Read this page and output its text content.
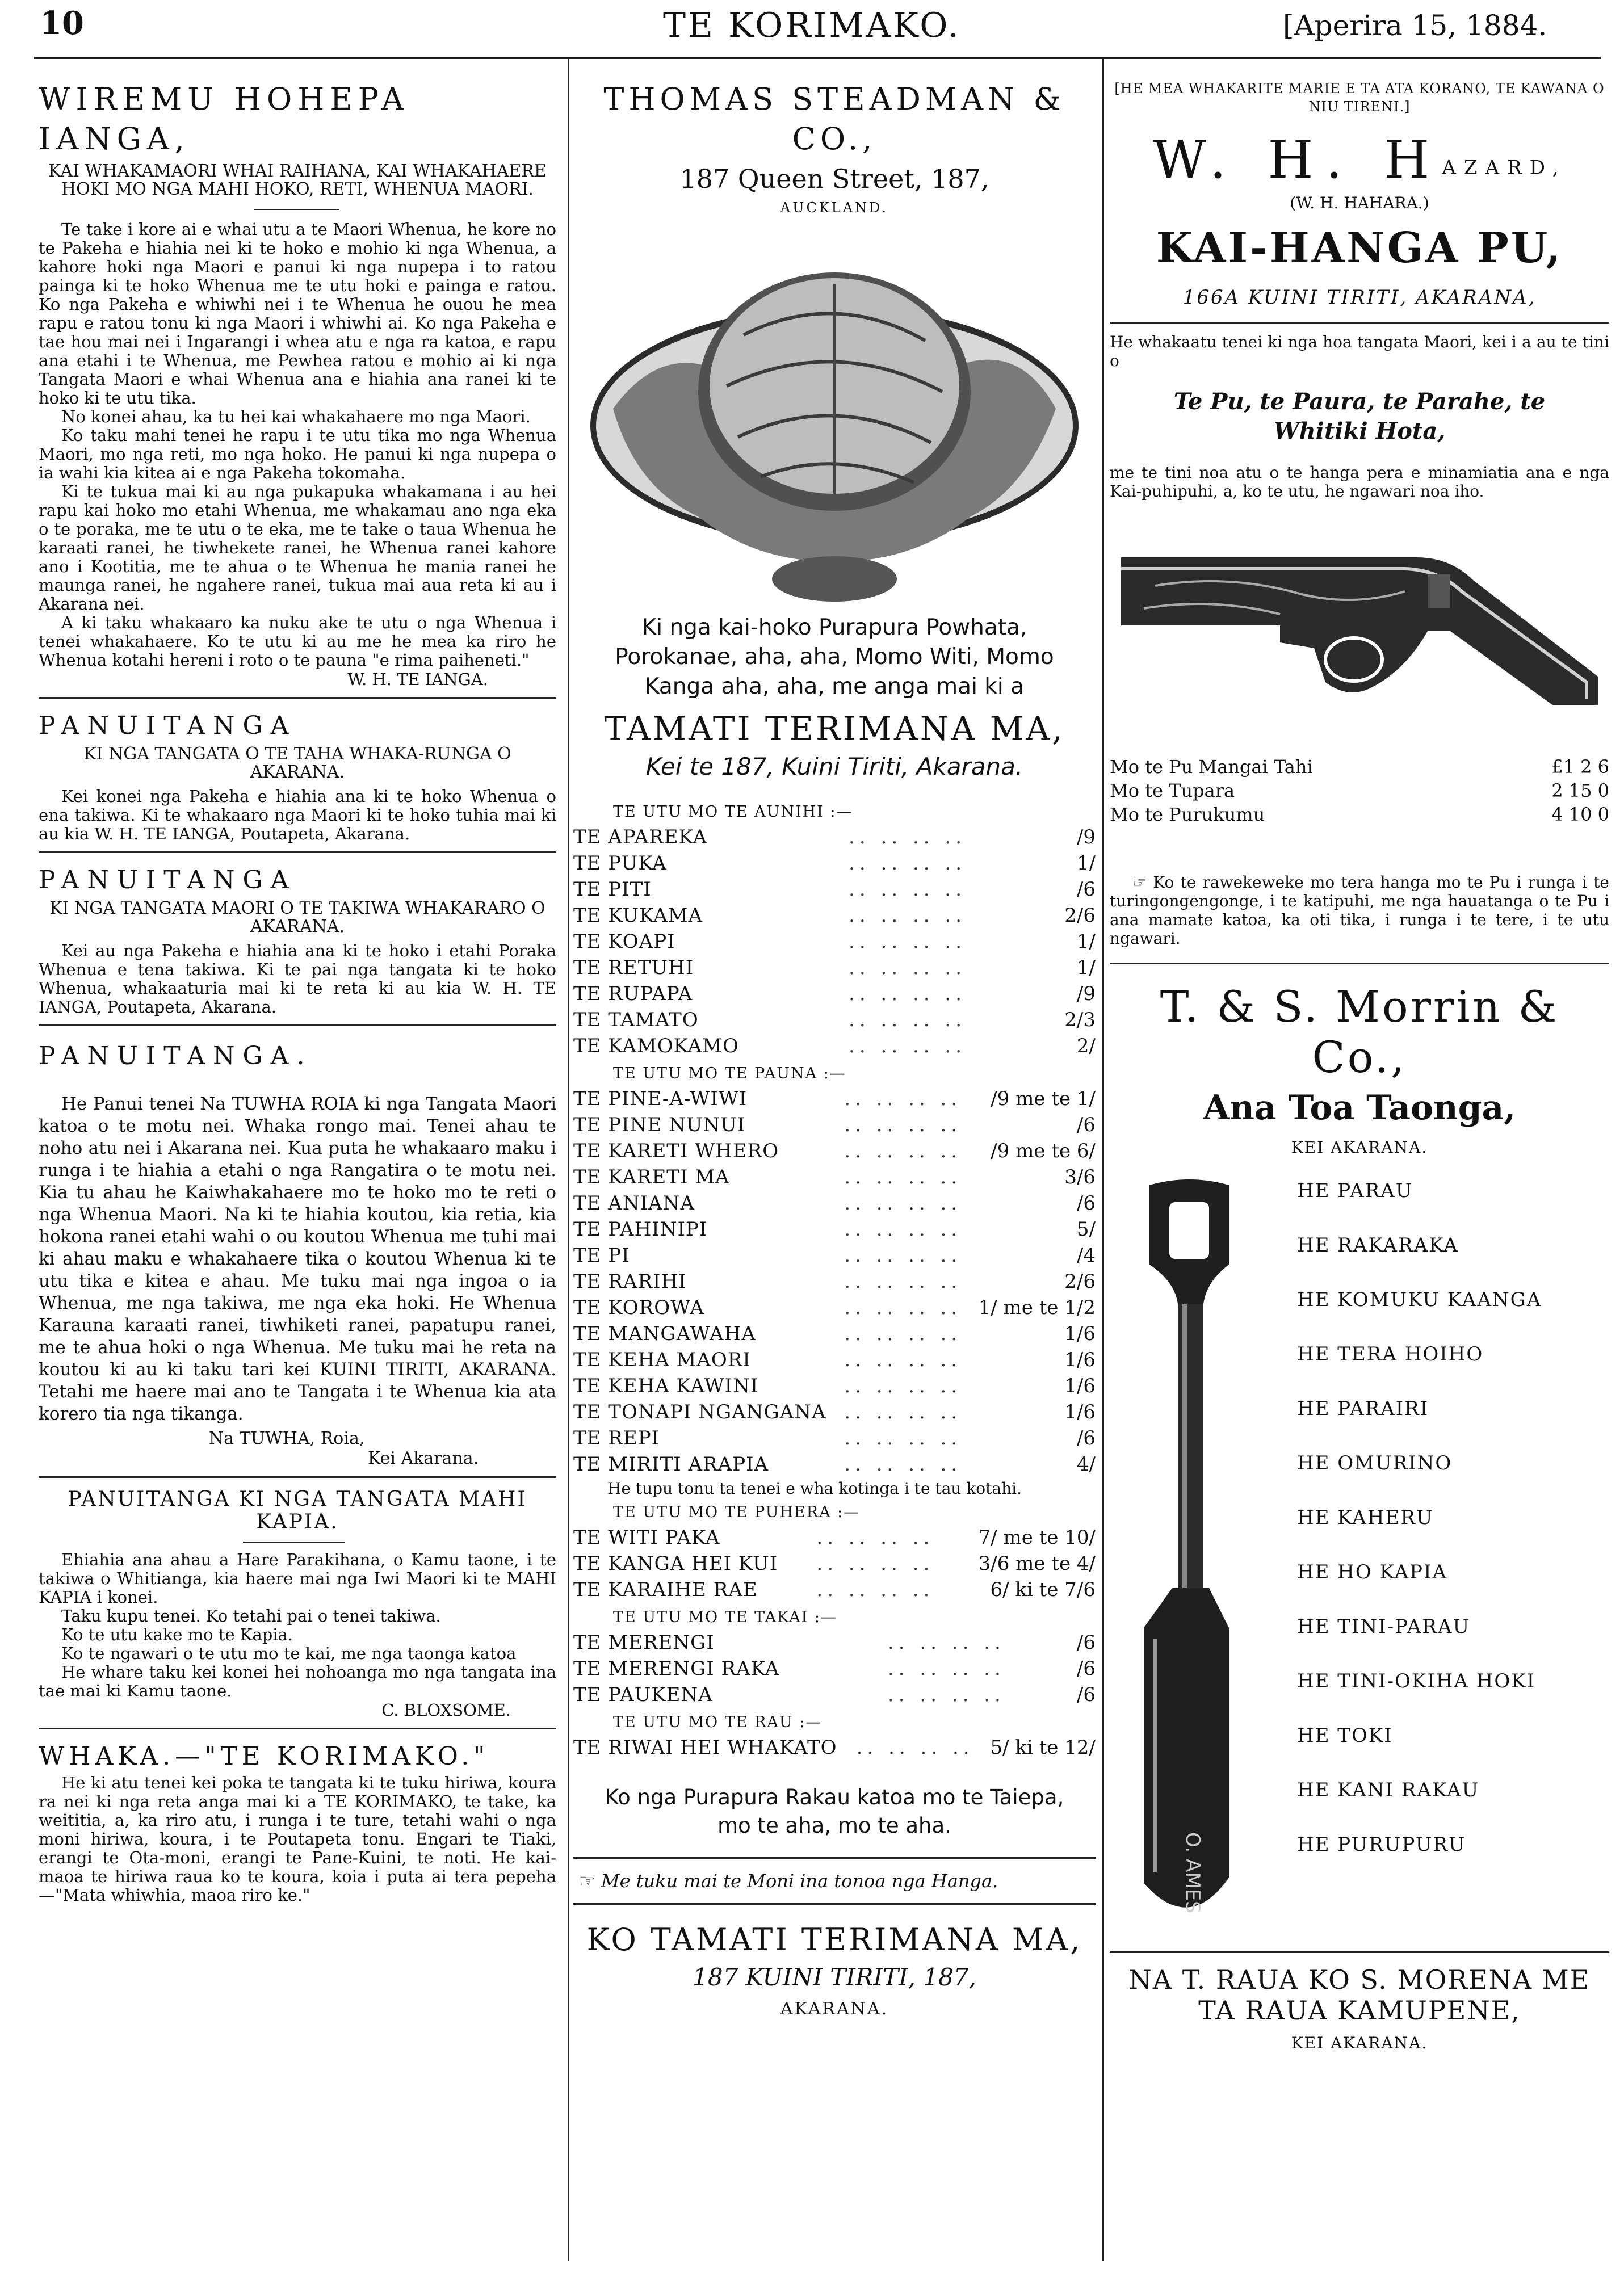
10	TE KORIMAKO.	[Aperira 15, 1884.
WIREMU HOHEPA IANGA,
KAI WHAKAMAORI WHAI RAIHANA, KAI WHAKAHAERE HOKI MO NGA MAHI HOKO, RETI, WHENUA MAORI.

Te take i kore ai e whai utu a te Maori Whenua, he kore no te Pakeha e hiahia nei ki te hoko e mohio ki nga Whenua, a kahore hoki nga Maori e panui ki nga nupepa i to ratou painga ki te hoko Whenua me te utu hoki e painga e ratou. Ko nga Pakeha e whiwhi nei i te Whenua he ouou he mea rapu e ratou tonu ki nga Maori i whiwhi ai. Ko nga Pakeha e tae hou mai nei i Ingarangi i whea atu e nga ra katoa, e rapu ana etahi i te Whenua, me Pewhea ratou e mohio ai ki nga Tangata Maori e whai Whenua ana e hiahia ana ranei ki te hoko ki te utu tika.

No konei ahau, ka tu hei kai whakahaere mo nga Maori.

Ko taku mahi tenei he rapu i te utu tika mo nga Whenua Maori, mo nga reti, mo nga hoko. He panui ki nga nupepa o ia wahi kia kitea ai e nga Pakeha tokomaha.

Ki te tukua mai ki au nga pukapuka whakamana i au hei rapu kai hoko mo etahi Whenua, me whakamau ano nga eka o te poraka, me te utu o te eka, me te take o taua Whenua he karaati ranei, he tiwhekete ranei, he Whenua ranei kahore ano i Kootitia, me te ahua o te Whenua he mania ranei he maunga ranei, he ngahere ranei, tukua mai aua reta ki au i Akarana nei.

A ki taku whakaaro ka nuku ake te utu o nga Whenua i tenei whakahaere. Ko te utu ki au me he mea ka riro he Whenua kotahi hereni i roto o te pauna "e rima paiheneti."

W. H. TE IANGA.
PANUITANGA
KI NGA TANGATA O TE TAHA WHAKA-RUNGA O AKARANA.

Kei konei nga Pakeha e hiahia ana ki te hoko Whenua o ena takiwa. Ki te whakaaro nga Maori ki te hoko tuhia mai ki au kia W. H. TE IANGA, Poutapeta, Akarana.

PANUITANGA
KI NGA TANGATA MAORI O TE TAKIWA WHAKARARO O AKARANA.

Kei au nga Pakeha e hiahia ana ki te hoko i etahi Poraka Whenua e tena takiwa. Ki te pai nga tangata ki te hoko Whenua, whakaaturia mai ki te reta ki au kia W. H. TE IANGA, Poutapeta, Akarana.

PANUITANGA.

He Panui tenei Na TUWHA ROIA ki nga Tangata Maori katoa o te motu nei. Whaka rongo mai. Tenei ahau te noho atu nei i Akarana nei. Kua puta he whakaaro maku i runga i te hiahia a etahi o nga Rangatira o te motu nei. Kia tu ahau he Kaiwhakahaere mo te hoko mo te reti o nga Whenua Maori. Na ki te hiahia koutou, kia retia, kia hokona ranei etahi wahi o ou koutou Whenua me tuhi mai ki ahau maku e whakahaere tika o koutou Whenua ki te utu tika e kitea e ahau. Me tuku mai nga ingoa o ia Whenua, me nga takiwa, me nga eka hoki. He Whenua Karauna karaati ranei, tiwhiketi ranei, papatupu ranei, me te ahua hoki o nga Whenua. Me tuku mai he reta na koutou ki au ki taku tari kei KUINI TIRITI, AKARANA. Tetahi me haere mai ano te Tangata i te Whenua kia ata korero tia nga tikanga.

Na TUWHA, Roia,
Kei Akarana.
PANUITANGA KI NGA TANGATA MAHI KAPIA.

Ehiahia ana ahau a Hare Parakihana, o Kamu taone, i te takiwa o Whitianga, kia haere mai nga Iwi Maori ki te MAHI KAPIA i konei.

Taku kupu tenei. Ko tetahi pai o tenei takiwa.

Ko te utu kake mo te Kapia.

Ko te ngawari o te utu mo te kai, me nga taonga katoa

He whare taku kei konei hei nohoanga mo nga tangata ina tae mai ki Kamu taone.

C. BLOXSOME.
WHAKA.—"TE KORIMAKO."

He ki atu tenei kei poka te tangata ki te tuku hiriwa, koura ra nei ki nga reta anga mai ki a TE KORIMAKO, te take, ka weititia, a, ka riro atu, i runga i te ture, tetahi wahi o nga moni hiriwa, koura, i te Poutapeta tonu. Engari te Tiaki, erangi te Ota-moni, erangi te Pane-Kuini, te noti. He kai-maoa te hiriwa raua ko te koura, koia i puta ai tera pepeha—"Mata whiwhia, maoa riro ke."

THOMAS STEADMAN & CO.,
187 Queen Street, 187,
AUCKLAND.
Ki nga kai-hoko Purapura Powhata, Porokanae, aha, aha, Momo Witi, Momo Kanga aha, aha, me anga mai ki a
TAMATI TERIMANA MA,
Kei te 187, Kuini Tiriti, Akarana.
TE UTU MO TE AUNIHI :—
TE APAREKA	.. .. .. ..	/9
TE PUKA	.. .. .. ..	1/
TE PITI	.. .. .. ..	/6
TE KUKAMA	.. .. .. ..	2/6
TE KOAPI	.. .. .. ..	1/
TE RETUHI	.. .. .. ..	1/
TE RUPAPA	.. .. .. ..	/9
TE TAMATO	.. .. .. ..	2/3
TE KAMOKAMO	.. .. .. ..	2/
TE UTU MO TE PAUNA :—
TE PINE-A-WIWI	.. .. .. ..	/9 me te 1/
TE PINE NUNUI	.. .. .. ..	/6
TE KARETI WHERO	.. .. .. ..	/9 me te 6/
TE KARETI MA	.. .. .. ..	3/6
TE ANIANA	.. .. .. ..	/6
TE PAHINIPI	.. .. .. ..	5/
TE PI	.. .. .. ..	/4
TE RARIHI	.. .. .. ..	2/6
TE KOROWA	.. .. .. ..	1/ me te 1/2
TE MANGAWAHA	.. .. .. ..	1/6
TE KEHA MAORI	.. .. .. ..	1/6
TE KEHA KAWINI	.. .. .. ..	1/6
TE TONAPI NGANGANA	.. .. .. ..	1/6
TE REPI	.. .. .. ..	/6
TE MIRITI ARAPIA	.. .. .. ..	4/
He tupu tonu ta tenei e wha kotinga i te tau kotahi.
TE UTU MO TE PUHERA :—
TE WITI PAKA	.. .. .. ..	7/ me te 10/
TE KANGA HEI KUI	.. .. .. ..	3/6 me te 4/
TE KARAIHE RAE	.. .. .. ..	6/ ki te 7/6
TE UTU MO TE TAKAI :—
TE MERENGI	.. .. .. ..	/6
TE MERENGI RAKA	.. .. .. ..	/6
TE PAUKENA	.. .. .. ..	/6
TE UTU MO TE RAU :—
TE RIWAI HEI WHAKATO	.. .. .. ..	5/ ki te 12/
Ko nga Purapura Rakau katoa mo te Taiepa, mo te aha, mo te aha.
☞ Me tuku mai te Moni ina tonoa nga Hanga.
KO TAMATI TERIMANA MA,
187 KUINI TIRITI, 187,
AKARANA.
[HE MEA WHAKARITE MARIE E TA ATA KORANO, TE KAWANA O NIU TIRENI.]
W. H. HAZARD,
(W. H. HAHARA.)
KAI-HANGA PU,
166A KUINI TIRITI, AKARANA,

He whakaatu tenei ki nga hoa tangata Maori, kei i a au te tini o

Te Pu, te Paura, te Parahe, te Whitiki Hota,

me te tini noa atu o te hanga pera e minamiatia ana e nga Kai-puhipuhi, a, ko te utu, he ngawari noa iho.

Mo te Pu Mangai Tahi	£1 2 6
Mo te Tupara	2 15 0
Mo te Purukumu	4 10 0

☞ Ko te rawekeweke mo tera hanga mo te Pu i runga i te turingongengonge, i te katipuhi, me nga hauatanga o te Pu i ana mamate katoa, ka oti tika, i runga i te tere, i te utu ngawari.

T. & S. Morrin & Co.,
Ana Toa Taonga,
KEI AKARANA.
O. AMES
HE PARAU
HE RAKARAKA
HE KOMUKU KAANGA
HE TERA HOIHO
HE PARAIRI
HE OMURINO
HE KAHERU
HE HO KAPIA
HE TINI-PARAU
HE TINI-OKIHA HOKI
HE TOKI
HE KANI RAKAU
HE PURUPURU
NA T. RAUA KO S. MORENA ME
TA RAUA KAMUPENE,
KEI AKARANA.
